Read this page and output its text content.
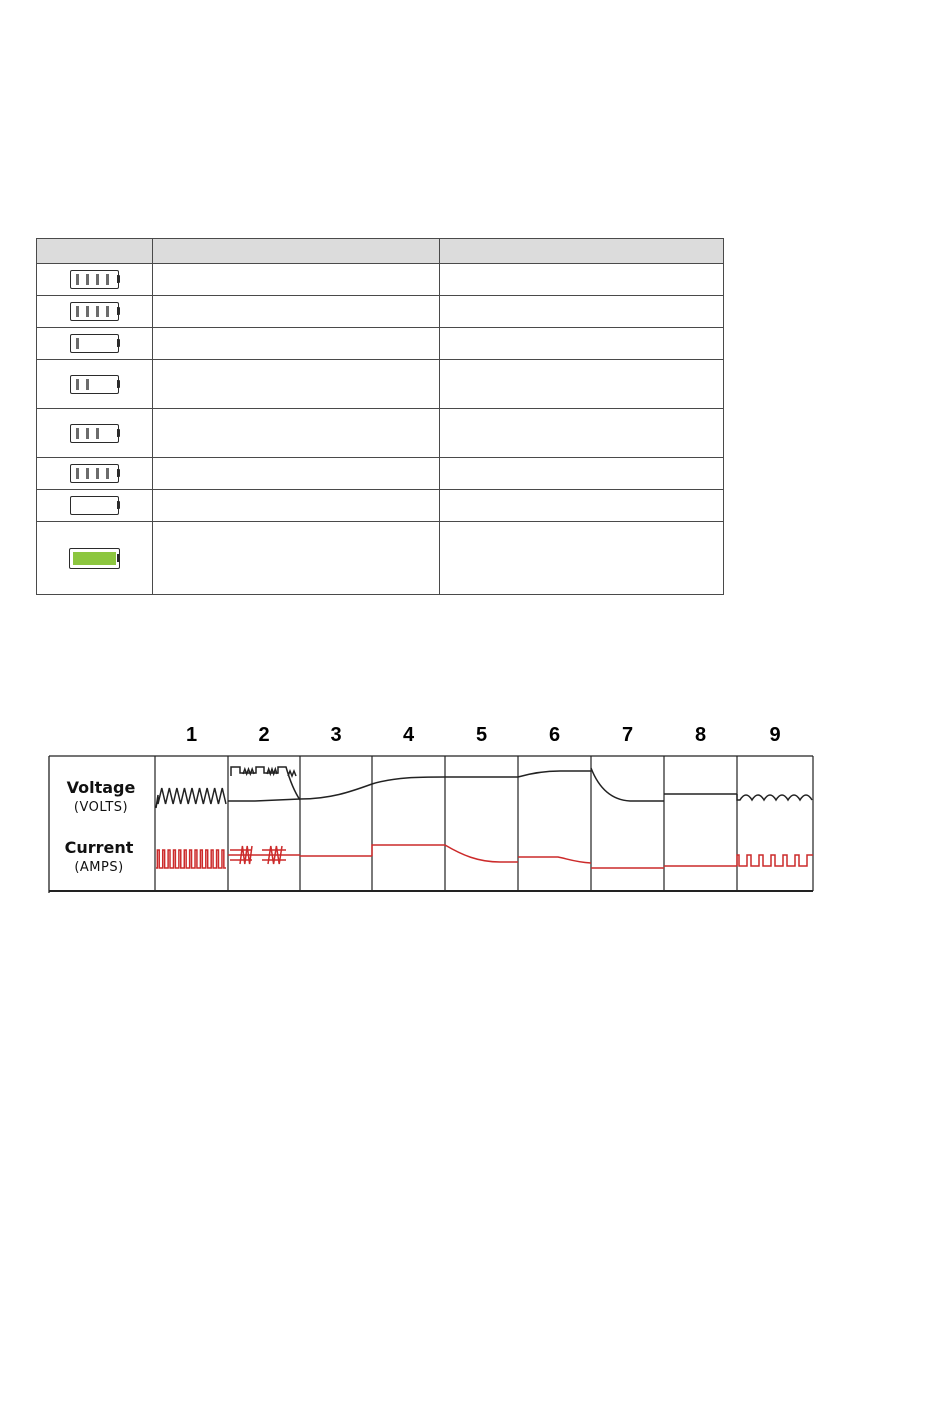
1	2	3	4	5	6	7	8	9
Voltage
(VOLTS)
Current
(AMPS)
